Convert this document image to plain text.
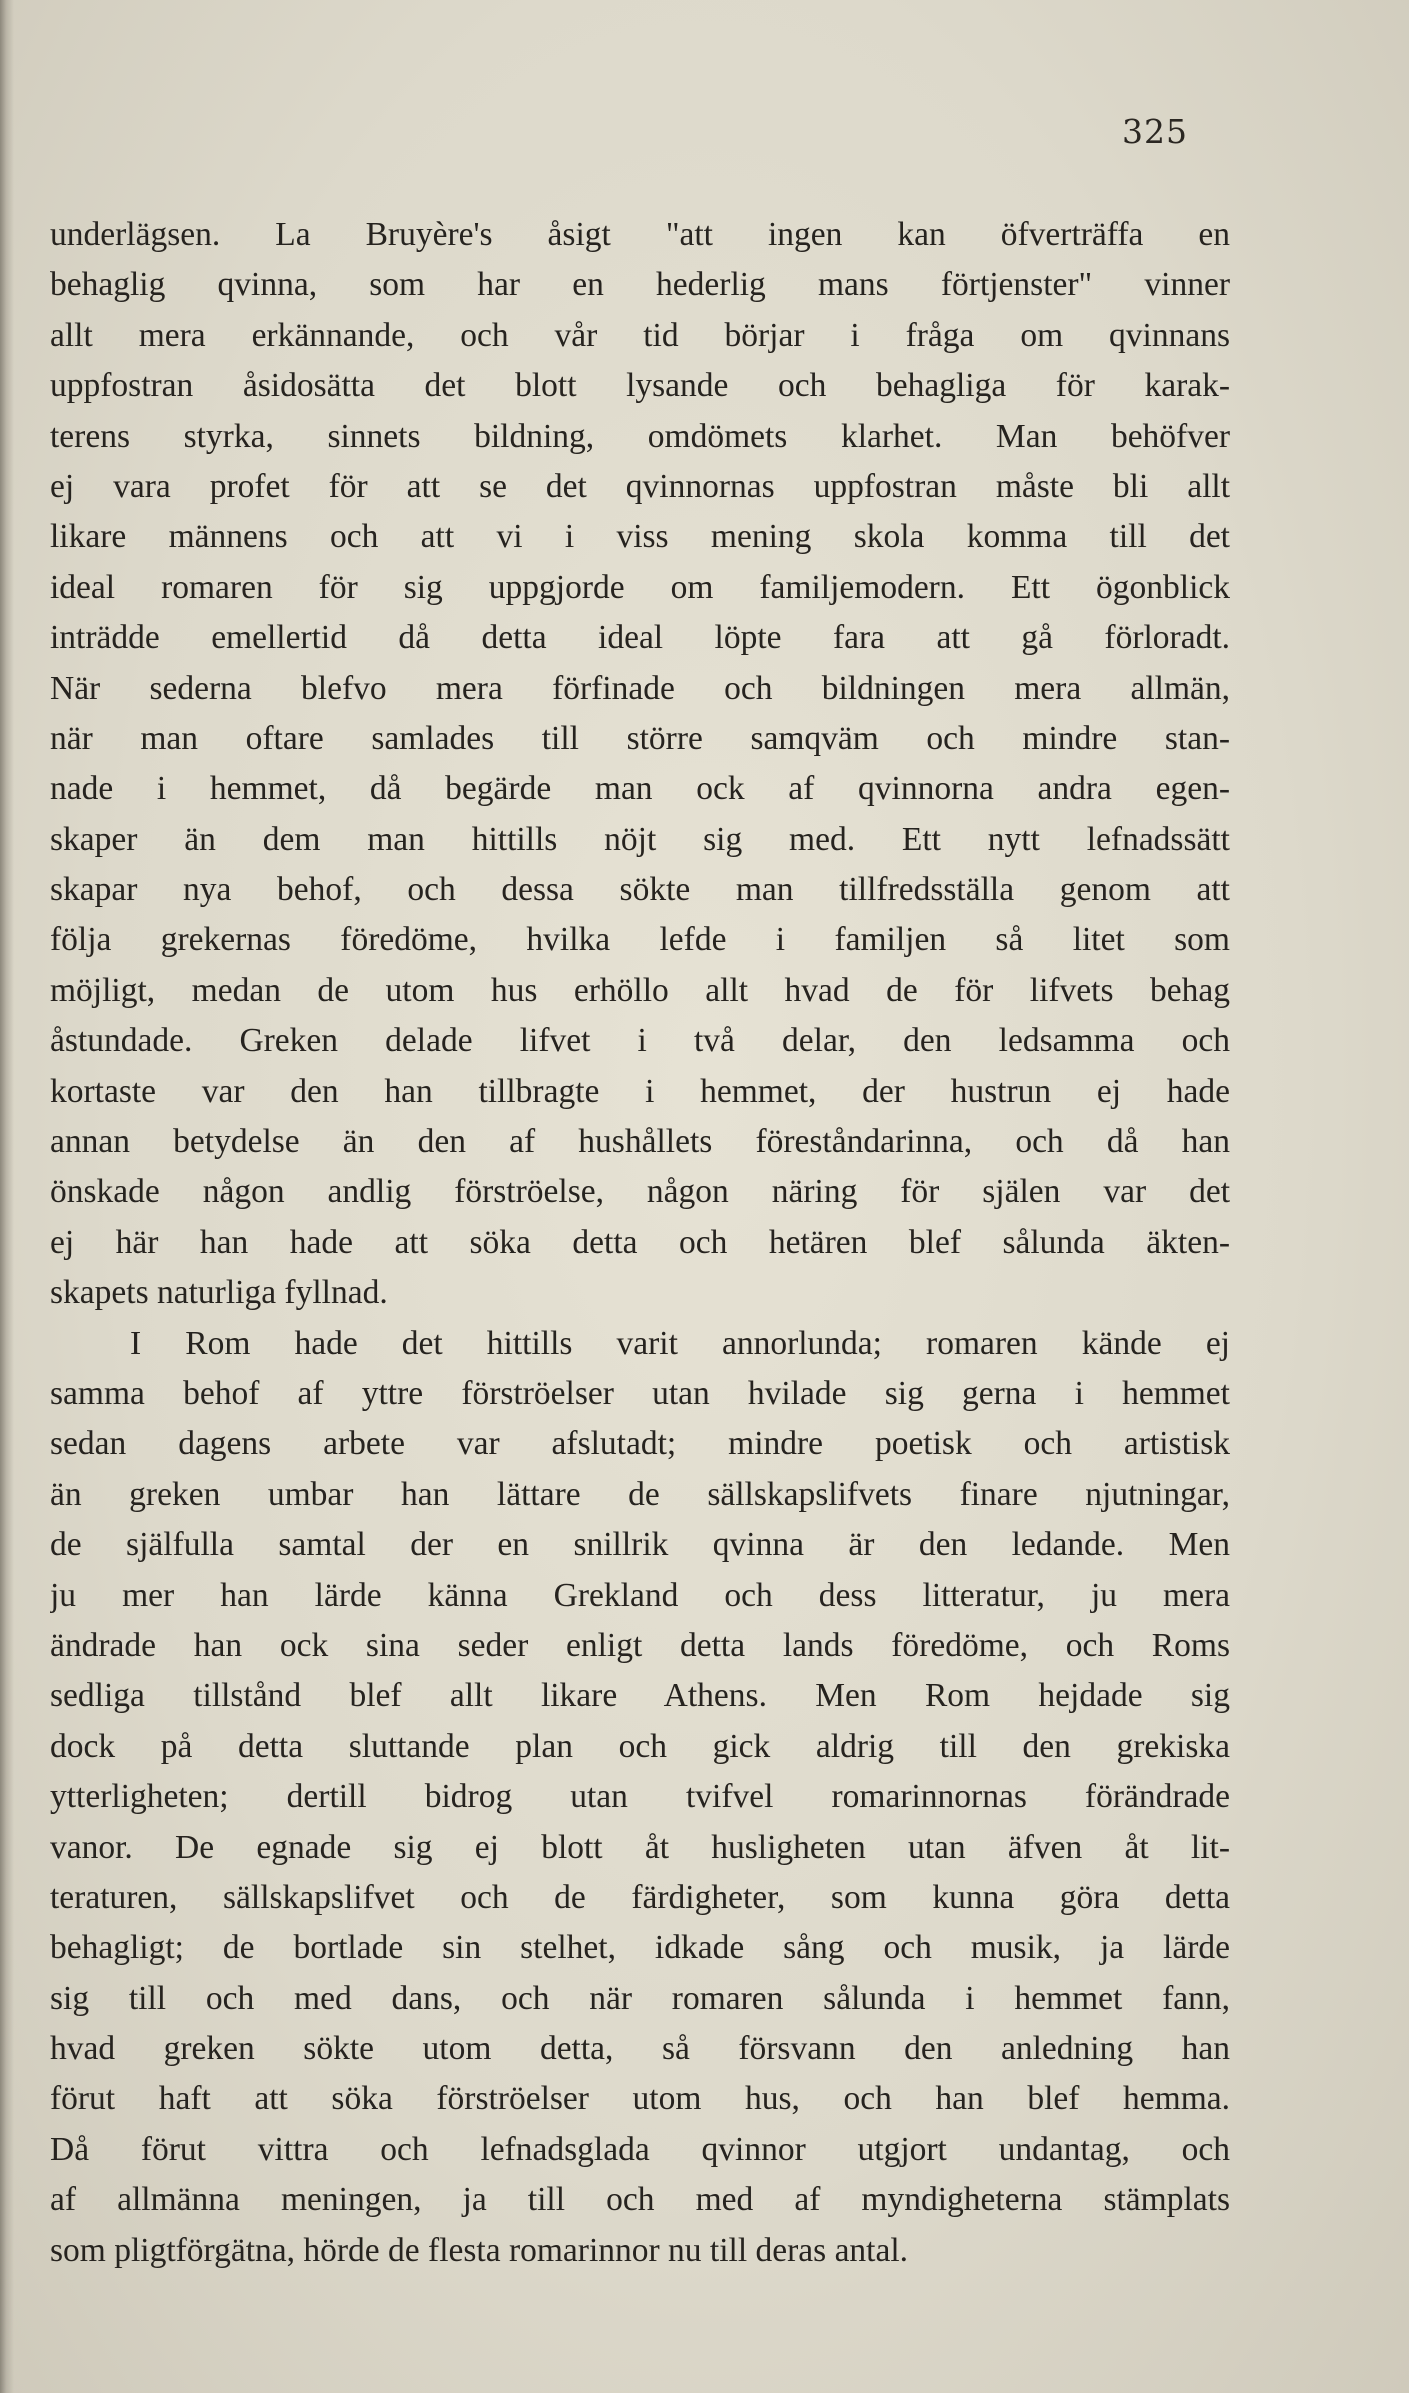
325
underlägsen. La Bruyère's åsigt "att ingen kan öfverträffa en
behaglig qvinna, som har en hederlig mans förtjenster" vinner
allt mera erkännande, och vår tid börjar i fråga om qvinnans
uppfostran åsidosätta det blott lysande och behagliga för karak-
terens styrka, sinnets bildning, omdömets klarhet. Man behöfver
ej vara profet för att se det qvinnornas uppfostran måste bli allt
likare männens och att vi i viss mening skola komma till det
ideal romaren för sig uppgjorde om familjemodern. Ett ögonblick
inträdde emellertid då detta ideal löpte fara att gå förloradt.
När sederna blefvo mera förfinade och bildningen mera allmän,
när man oftare samlades till större samqväm och mindre stan-
nade i hemmet, då begärde man ock af qvinnorna andra egen-
skaper än dem man hittills nöjt sig med. Ett nytt lefnadssätt
skapar nya behof, och dessa sökte man tillfredsställa genom att
följa grekernas föredöme, hvilka lefde i familjen så litet som
möjligt, medan de utom hus erhöllo allt hvad de för lifvets behag
åstundade. Greken delade lifvet i två delar, den ledsamma och
kortaste var den han tillbragte i hemmet, der hustrun ej hade
annan betydelse än den af hushållets föreståndarinna, och då han
önskade någon andlig förströelse, någon näring för själen var det
ej här han hade att söka detta och hetären blef sålunda äkten-
skapets naturliga fyllnad.
I Rom hade det hittills varit annorlunda; romaren kände ej
samma behof af yttre förströelser utan hvilade sig gerna i hemmet
sedan dagens arbete var afslutadt; mindre poetisk och artistisk
än greken umbar han lättare de sällskapslifvets finare njutningar,
de själfulla samtal der en snillrik qvinna är den ledande. Men
ju mer han lärde känna Grekland och dess litteratur, ju mera
ändrade han ock sina seder enligt detta lands föredöme, och Roms
sedliga tillstånd blef allt likare Athens. Men Rom hejdade sig
dock på detta sluttande plan och gick aldrig till den grekiska
ytterligheten; dertill bidrog utan tvifvel romarinnornas förändrade
vanor. De egnade sig ej blott åt husligheten utan äfven åt lit-
teraturen, sällskapslifvet och de färdigheter, som kunna göra detta
behagligt; de bortlade sin stelhet, idkade sång och musik, ja lärde
sig till och med dans, och när romaren sålunda i hemmet fann,
hvad greken sökte utom detta, så försvann den anledning han
förut haft att söka förströelser utom hus, och han blef hemma.
Då förut vittra och lefnadsglada qvinnor utgjort undantag, och
af allmänna meningen, ja till och med af myndigheterna stämplats
som pligtförgätna, hörde de flesta romarinnor nu till deras antal.
